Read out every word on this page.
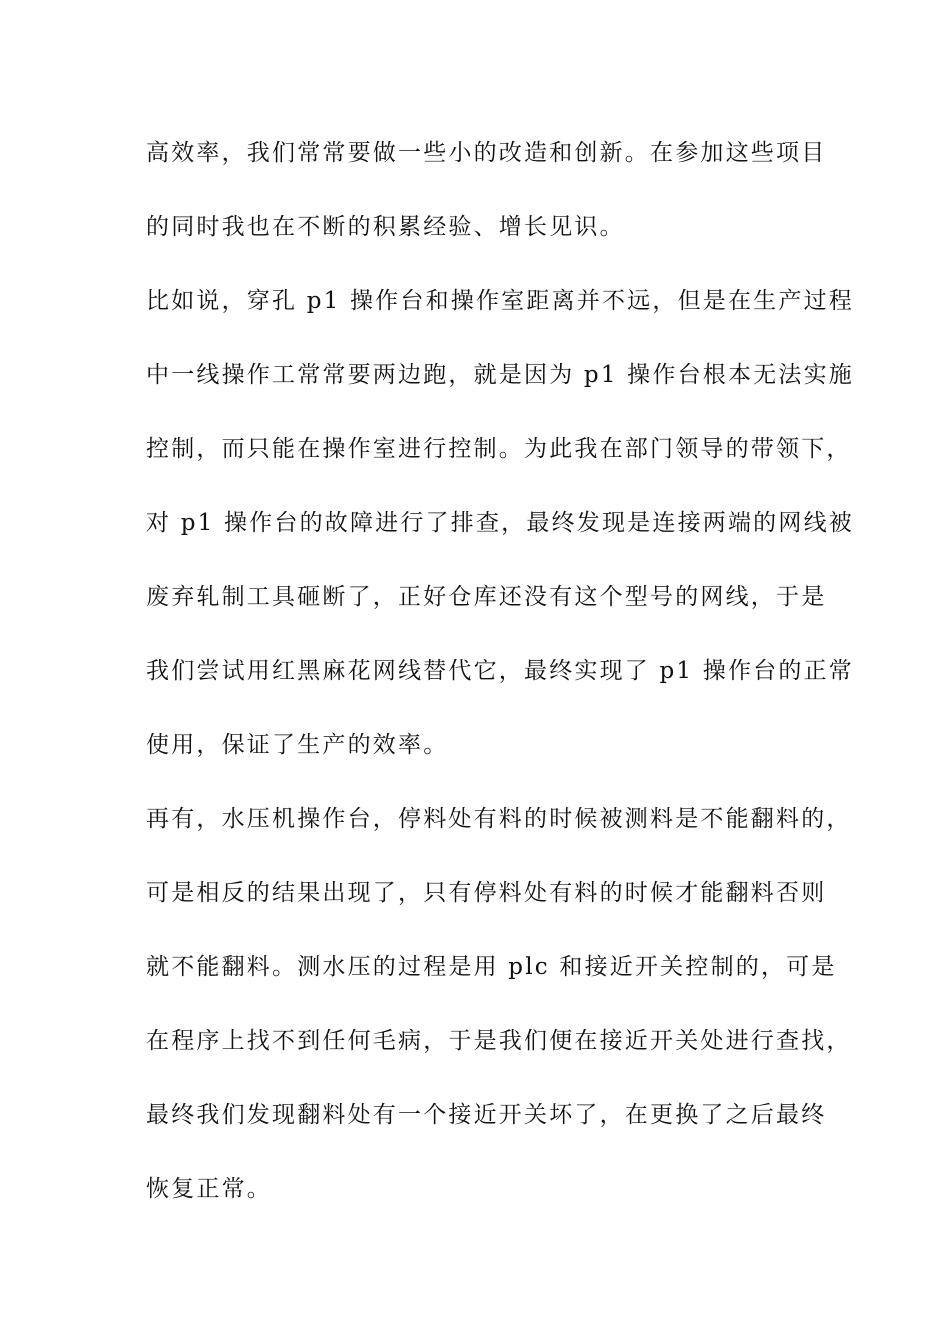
高效率，我们常常要做一些小的改造和创新。在参加这些项目
的同时我也在不断的积累经验、增长见识。
比如说，穿孔 p1 操作台和操作室距离并不远，但是在生产过程
中一线操作工常常要两边跑，就是因为 p1 操作台根本无法实施
控制，而只能在操作室进行控制。为此我在部门领导的带领下，
对 p1 操作台的故障进行了排查，最终发现是连接两端的网线被
废弃轧制工具砸断了，正好仓库还没有这个型号的网线，于是
我们尝试用红黑麻花网线替代它，最终实现了 p1 操作台的正常
使用，保证了生产的效率。
再有，水压机操作台，停料处有料的时候被测料是不能翻料的，
可是相反的结果出现了，只有停料处有料的时候才能翻料否则
就不能翻料。测水压的过程是用 plc 和接近开关控制的，可是
在程序上找不到任何毛病，于是我们便在接近开关处进行查找，
最终我们发现翻料处有一个接近开关坏了，在更换了之后最终
恢复正常。
